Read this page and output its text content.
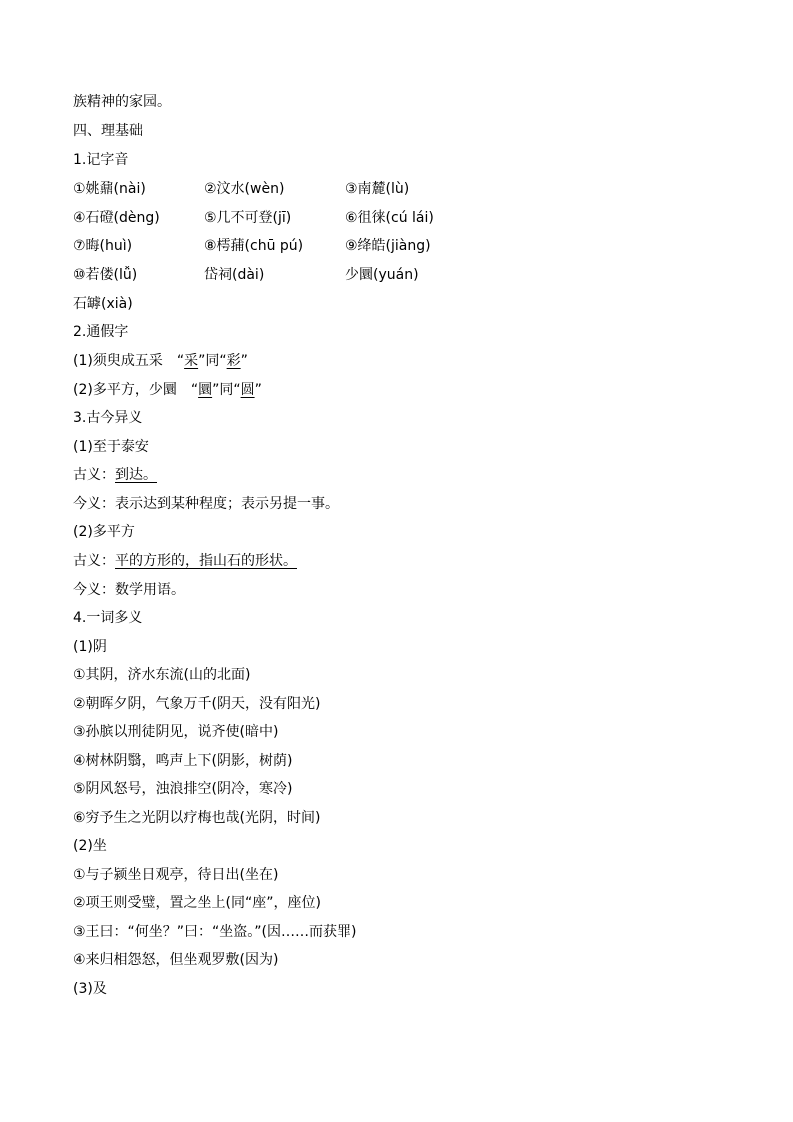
族精神的家园。
四、理基础
1.记字音
①姚鼐(nài)	②汶水(wèn)	③南麓(lù)
④石磴(dèng)	⑤几不可登(jī)	⑥徂徕(cú lái)
⑦晦(huì)	⑧樗蒱(chū pú)	⑨绛皓(jiàng)
⑩若偻(lǚ)	岱祠(dài)	少圜(yuán)
石罅(xià)
2.通假字
(1)须臾成五采　“采”同“彩”
(2)多平方，少圜　“圜”同“圆”
3.古今异义
(1)至于泰安
古义：到达。
今义：表示达到某种程度；表示另提一事。
(2)多平方
古义：平的方形的，指山石的形状。
今义：数学用语。
4.一词多义
(1)阴
①其阴，济水东流(山的北面)
②朝晖夕阴，气象万千(阴天，没有阳光)
③孙膑以刑徒阴见，说齐使(暗中)
④树林阴翳，鸣声上下(阴影，树荫)
⑤阴风怒号，浊浪排空(阴冷，寒冷)
⑥穷予生之光阴以疗梅也哉(光阴，时间)
(2)坐
①与子颍坐日观亭，待日出(坐在)
②项王则受璧，置之坐上(同“座”，座位)
③王曰：“何坐？”曰：“坐盗。”(因……而获罪)
④来归相怨怒，但坐观罗敷(因为)
(3)及
